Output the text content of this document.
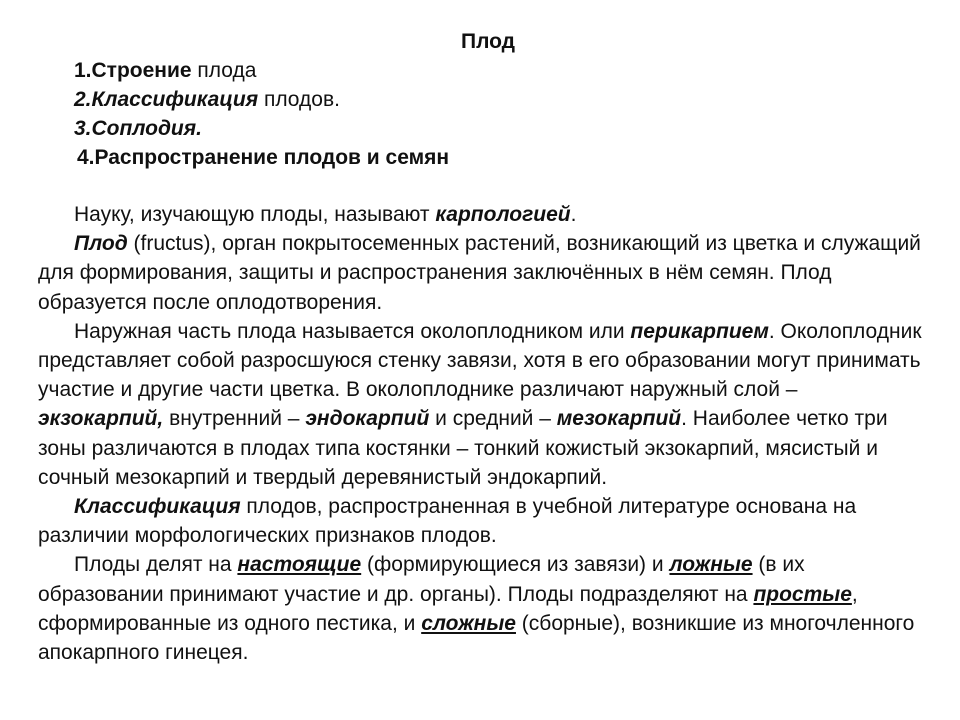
Плод
1.Строение плода
2.Классификация плодов.
3.Соплодия.
4.Распространение плодов и семян

Науку, изучающую плоды, называют карпологией.

Плод (fructus), орган покрытосеменных растений, возникающий из цветка и служащий для формирования, защиты и распространения заключённых в нём семян. Плод образуется после оплодотворения.

Наружная часть плода называется околоплодником или перикарпием. Околоплодник представляет собой разросшуюся стенку завязи, хотя в его образовании могут принимать участие и другие части цветка. В околоплоднике различают наружный слой – экзокарпий, внутренний – эндокарпий и средний – мезокарпий. Наиболее четко три зоны различаются в плодах типа костянки – тонкий кожистый экзокарпий, мясистый и сочный мезокарпий и твердый деревянистый эндокарпий.

Классификация плодов, распространенная в учебной литературе основана на различии морфологических признаков плодов.

Плоды делят на настоящие (формирующиеся из завязи) и ложные (в их образовании принимают участие и др. органы). Плоды подразделяют на простые, сформированные из одного пестика, и сложные (сборные), возникшие из многочленного апокарпного гинецея.
